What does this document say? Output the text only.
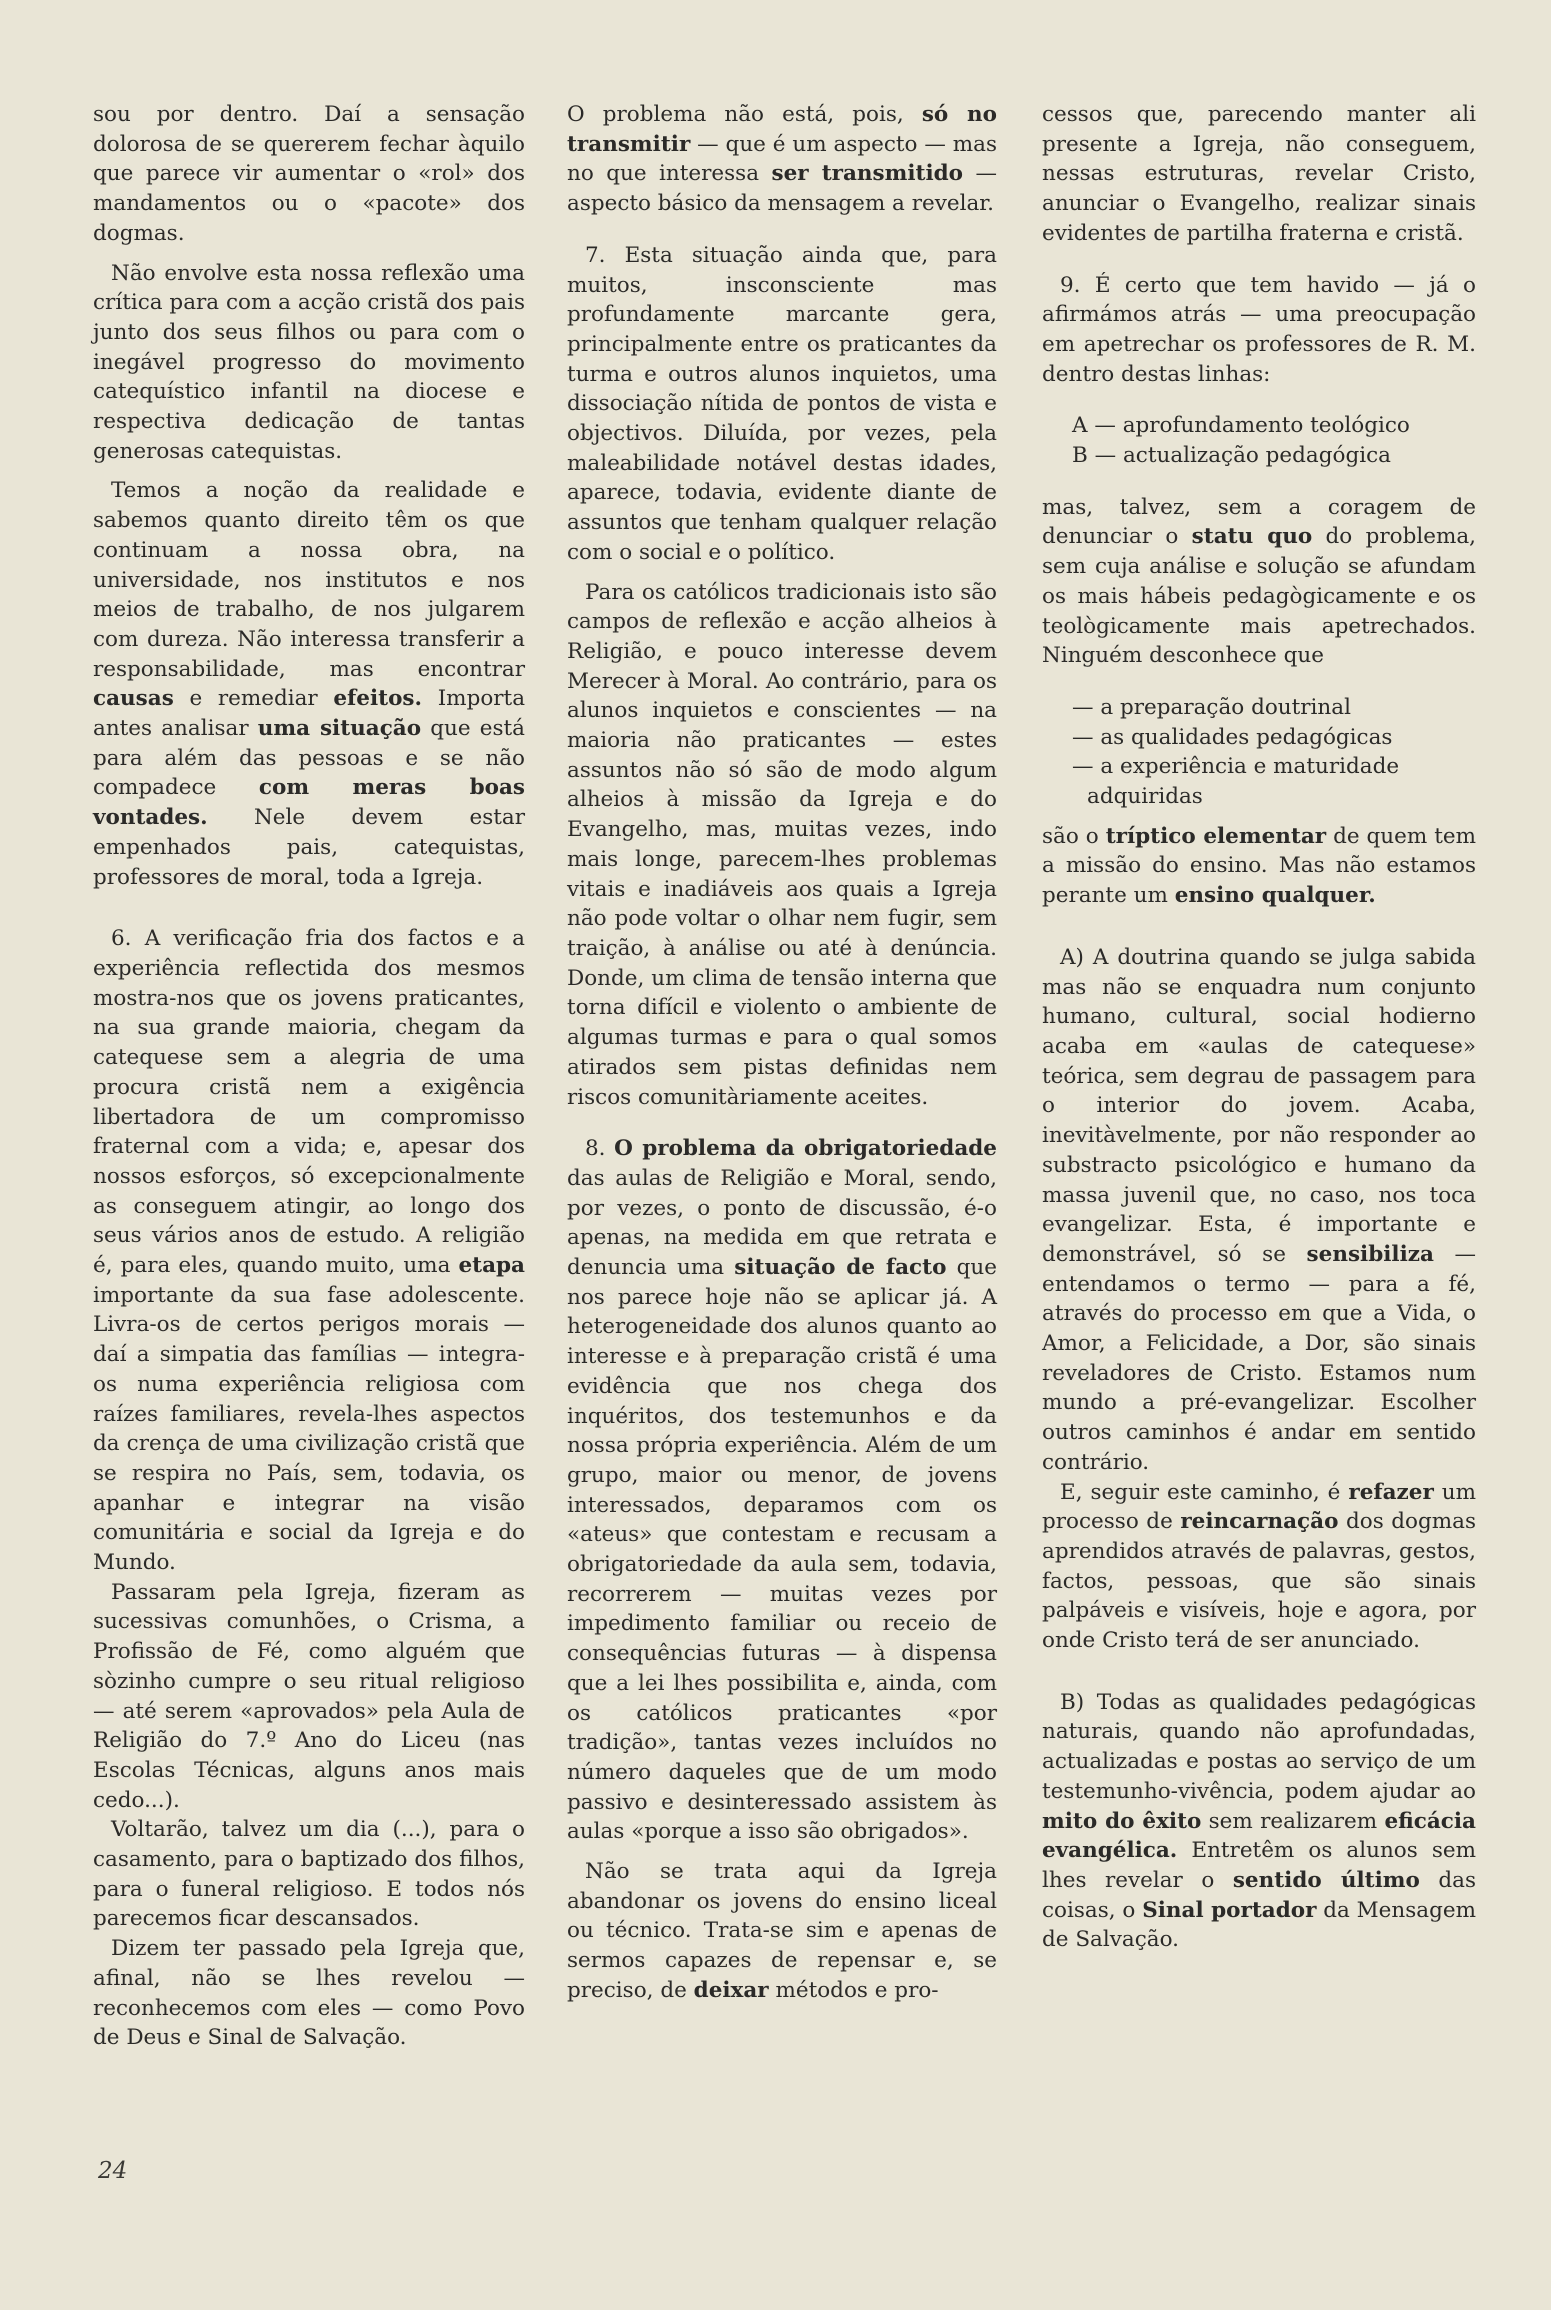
sou por dentro. Daí a sensação dolorosa de se quererem fechar àquilo que parece vir aumentar o «rol» dos mandamentos ou o «pacote» dos dogmas.

Não envolve esta nossa reflexão uma crítica para com a acção cristã dos pais junto dos seus filhos ou para com o inegável progresso do movimento catequístico infantil na diocese e respectiva dedicação de tantas generosas catequistas.

Temos a noção da realidade e sabemos quanto direito têm os que continuam a nossa obra, na universidade, nos institutos e nos meios de trabalho, de nos julgarem com dureza. Não interessa transferir a responsabilidade, mas encontrar causas e remediar efeitos. Importa antes analisar uma situação que está para além das pessoas e se não compadece com meras boas vontades. Nele devem estar empenhados pais, catequistas, professores de moral, toda a Igreja.

6. A verificação fria dos factos e a experiência reflectida dos mesmos mostra-nos que os jovens praticantes, na sua grande maioria, chegam da catequese sem a alegria de uma procura cristã nem a exigência libertadora de um compromisso fraternal com a vida; e, apesar dos nossos esforços, só excepcionalmente as conseguem atingir, ao longo dos seus vários anos de estudo. A religião é, para eles, quando muito, uma etapa importante da sua fase adolescente. Livra-os de certos perigos morais — daí a simpatia das famílias — integra-os numa experiência religiosa com raízes familiares, revela-lhes aspectos da crença de uma civilização cristã que se respira no País, sem, todavia, os apanhar e integrar na visão comunitária e social da Igreja e do Mundo.

Passaram pela Igreja, fizeram as sucessivas comunhões, o Crisma, a Profissão de Fé, como alguém que sòzinho cumpre o seu ritual religioso — até serem «aprovados» pela Aula de Religião do 7.º Ano do Liceu (nas Escolas Técnicas, alguns anos mais cedo...).

Voltarão, talvez um dia (...), para o casamento, para o baptizado dos filhos, para o funeral religioso. E todos nós parecemos ficar descansados.

Dizem ter passado pela Igreja que, afinal, não se lhes revelou — reconhecemos com eles — como Povo de Deus e Sinal de Salvação.

O problema não está, pois, só no transmitir — que é um aspecto — mas no que interessa ser transmitido — aspecto básico da mensagem a revelar.

7. Esta situação ainda que, para muitos, insconsciente mas profundamente marcante gera, principalmente entre os praticantes da turma e outros alunos inquietos, uma dissociação nítida de pontos de vista e objectivos. Diluída, por vezes, pela maleabilidade notável destas idades, aparece, todavia, evidente diante de assuntos que tenham qualquer relação com o social e o político.

Para os católicos tradicionais isto são campos de reflexão e acção alheios à Religião, e pouco interesse devem Merecer à Moral. Ao contrário, para os alunos inquietos e conscientes — na maioria não praticantes — estes assuntos não só são de modo algum alheios à missão da Igreja e do Evangelho, mas, muitas vezes, indo mais longe, parecem-lhes problemas vitais e inadiáveis aos quais a Igreja não pode voltar o olhar nem fugir, sem traição, à análise ou até à denúncia. Donde, um clima de tensão interna que torna difícil e violento o ambiente de algumas turmas e para o qual somos atirados sem pistas definidas nem riscos comunitàriamente aceites.

8. O problema da obrigatoriedade das aulas de Religião e Moral, sendo, por vezes, o ponto de discussão, é-o apenas, na medida em que retrata e denuncia uma situação de facto que nos parece hoje não se aplicar já. A heterogeneidade dos alunos quanto ao interesse e à preparação cristã é uma evidência que nos chega dos inquéritos, dos testemunhos e da nossa própria experiência. Além de um grupo, maior ou menor, de jovens interessados, deparamos com os «ateus» que contestam e recusam a obrigatoriedade da aula sem, todavia, recorrerem — muitas vezes por impedimento familiar ou receio de consequências futuras — à dispensa que a lei lhes possibilita e, ainda, com os católicos praticantes «por tradição», tantas vezes incluídos no número daqueles que de um modo passivo e desinteressado assistem às aulas «porque a isso são obrigados».

Não se trata aqui da Igreja abandonar os jovens do ensino liceal ou técnico. Trata-se sim e apenas de sermos capazes de repensar e, se preciso, de deixar métodos e pro-

cessos que, parecendo manter ali presente a Igreja, não conseguem, nessas estruturas, revelar Cristo, anunciar o Evangelho, realizar sinais evidentes de partilha fraterna e cristã.

9. É certo que tem havido — já o afirmámos atrás — uma preocupação em apetrechar os professores de R. M. dentro destas linhas:

A — aprofundamento teológico

B — actualização pedagógica

mas, talvez, sem a coragem de denunciar o statu quo do problema, sem cuja análise e solução se afundam os mais hábeis pedagògicamente e os teològicamente mais apetrechados. Ninguém desconhece que

— a preparação doutrinal

— as qualidades pedagógicas

— a experiência e maturidade

adquiridas

são o tríptico elementar de quem tem a missão do ensino. Mas não estamos perante um ensino qualquer.

A) A doutrina quando se julga sabida mas não se enquadra num conjunto humano, cultural, social hodierno acaba em «aulas de catequese» teórica, sem degrau de passagem para o interior do jovem. Acaba, inevitàvelmente, por não responder ao substracto psicológico e humano da massa juvenil que, no caso, nos toca evangelizar. Esta, é importante e demonstrável, só se sensibiliza — entendamos o termo — para a fé, através do processo em que a Vida, o Amor, a Felicidade, a Dor, são sinais reveladores de Cristo. Estamos num mundo a pré-evangelizar. Escolher outros caminhos é andar em sentido contrário.

E, seguir este caminho, é refazer um processo de reincarnação dos dogmas aprendidos através de palavras, gestos, factos, pessoas, que são sinais palpáveis e visíveis, hoje e agora, por onde Cristo terá de ser anunciado.

B) Todas as qualidades pedagógicas naturais, quando não aprofundadas, actualizadas e postas ao serviço de um testemunho-vivência, podem ajudar ao mito do êxito sem realizarem eficácia evangélica. Entretêm os alunos sem lhes revelar o sentido último das coisas, o Sinal portador da Mensagem de Salvação.

24
